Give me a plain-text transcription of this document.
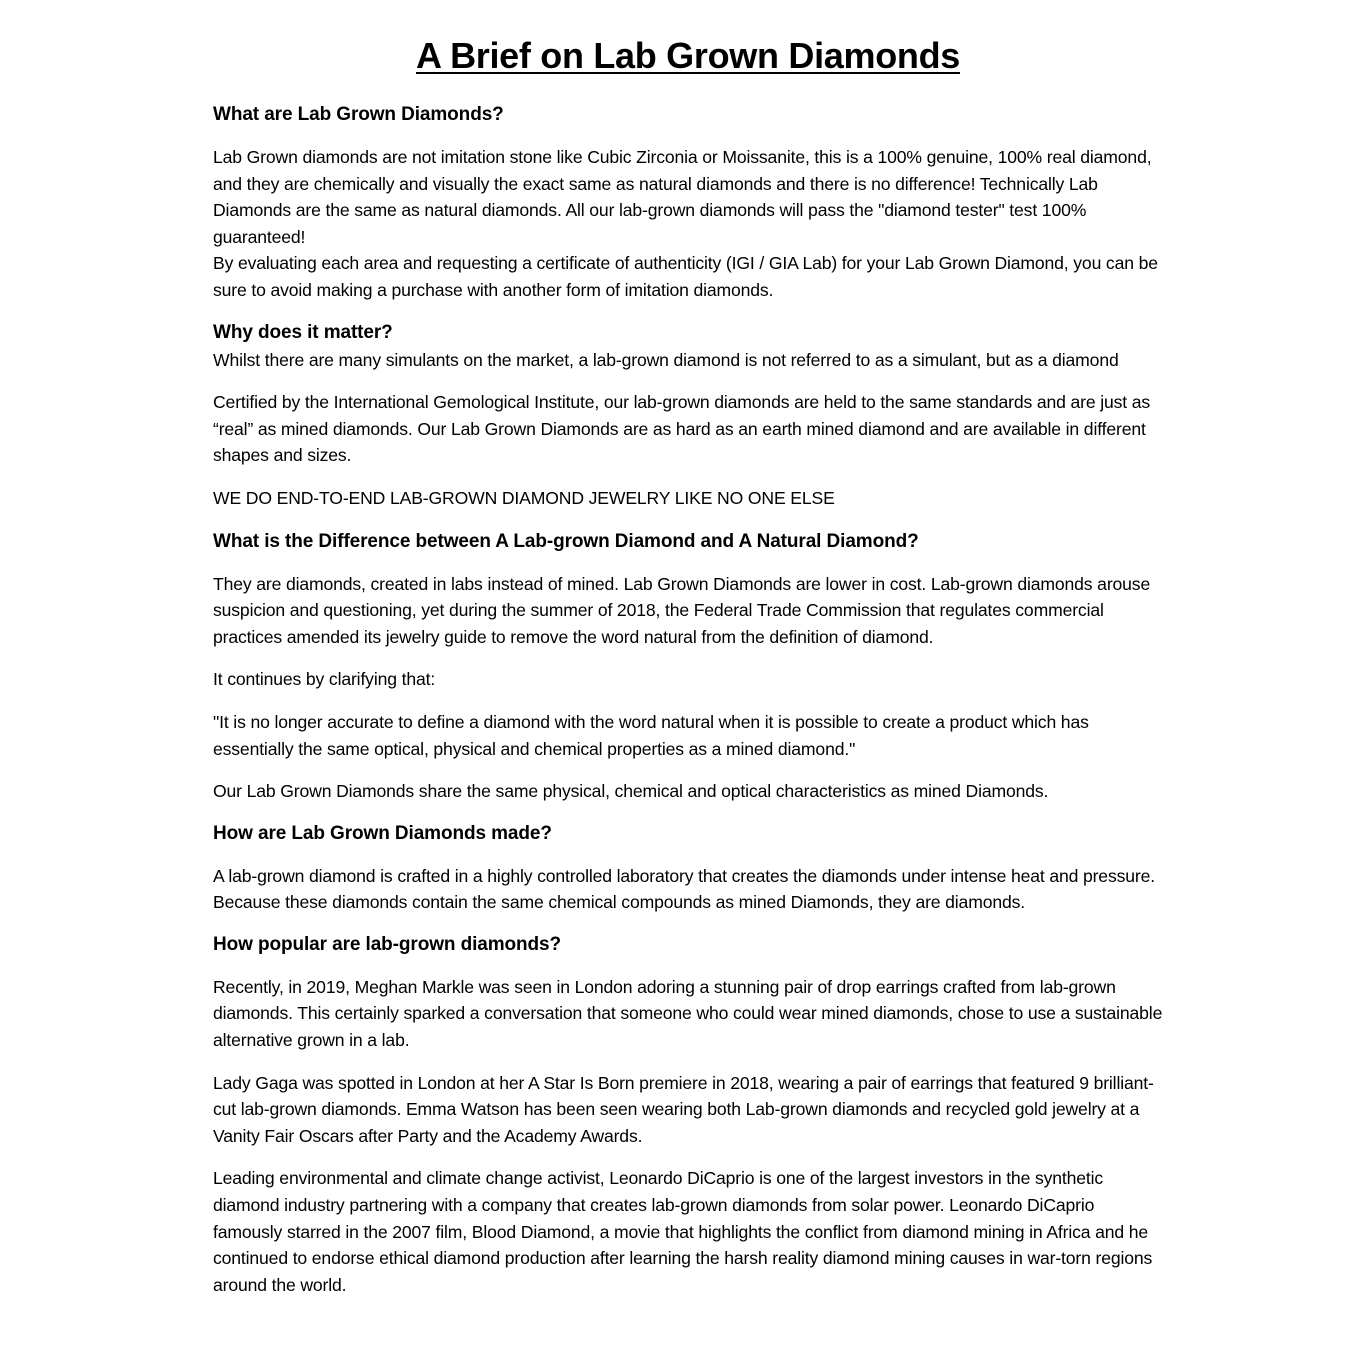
A Brief on Lab Grown Diamonds
What are Lab Grown Diamonds?

Lab Grown diamonds are not imitation stone like Cubic Zirconia or Moissanite, this is a 100% genuine, 100% real diamond, and they are chemically and visually the exact same as natural diamonds and there is no difference! Technically Lab Diamonds are the same as natural diamonds. All our lab-grown diamonds will pass the "diamond tester" test 100% guaranteed!
By evaluating each area and requesting a certificate of authenticity (IGI / GIA Lab) for your Lab Grown Diamond, you can be sure to avoid making a purchase with another form of imitation diamonds.

Why does it matter?

Whilst there are many simulants on the market, a lab-grown diamond is not referred to as a simulant, but as a diamond

Certified by the International Gemological Institute, our lab-grown diamonds are held to the same standards and are just as “real” as mined diamonds. Our Lab Grown Diamonds are as hard as an earth mined diamond and are available in different shapes and sizes.

WE DO END-TO-END LAB-GROWN DIAMOND JEWELRY LIKE NO ONE ELSE

What is the Difference between A Lab-grown Diamond and A Natural Diamond?

They are diamonds, created in labs instead of mined. Lab Grown Diamonds are lower in cost. Lab-grown diamonds arouse suspicion and questioning, yet during the summer of 2018, the Federal Trade Commission that regulates commercial practices amended its jewelry guide to remove the word natural from the definition of diamond.

It continues by clarifying that:

"It is no longer accurate to define a diamond with the word natural when it is possible to create a product which has essentially the same optical, physical and chemical properties as a mined diamond."

Our Lab Grown Diamonds share the same physical, chemical and optical characteristics as mined Diamonds.

How are Lab Grown Diamonds made?

A lab-grown diamond is crafted in a highly controlled laboratory that creates the diamonds under intense heat and pressure. Because these diamonds contain the same chemical compounds as mined Diamonds, they are diamonds.

How popular are lab-grown diamonds?

Recently, in 2019, Meghan Markle was seen in London adoring a stunning pair of drop earrings crafted from lab-grown diamonds. This certainly sparked a conversation that someone who could wear mined diamonds, chose to use a sustainable alternative grown in a lab.

Lady Gaga was spotted in London at her A Star Is Born premiere in 2018, wearing a pair of earrings that featured 9 brilliant-cut lab-grown diamonds. Emma Watson has been seen wearing both Lab-grown diamonds and recycled gold jewelry at a Vanity Fair Oscars after Party and the Academy Awards.

Leading environmental and climate change activist, Leonardo DiCaprio is one of the largest investors in the synthetic diamond industry partnering with a company that creates lab-grown diamonds from solar power. Leonardo DiCaprio famously starred in the 2007 film, Blood Diamond, a movie that highlights the conflict from diamond mining in Africa and he continued to endorse ethical diamond production after learning the harsh reality diamond mining causes in war-torn regions around the world.
